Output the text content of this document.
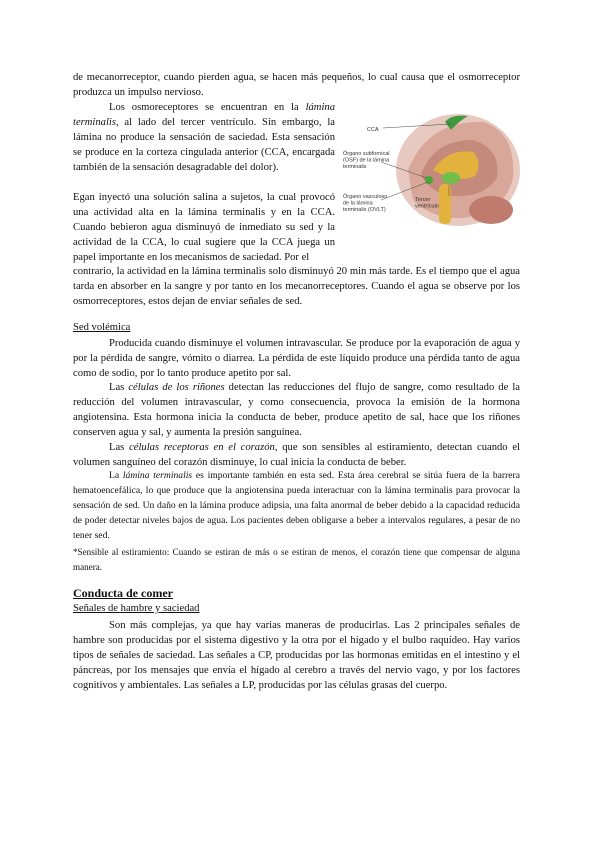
de mecanorreceptor, cuando pierden agua, se hacen más pequeños, lo cual causa que el osmorreceptor produzca un impulso nervioso.

Los osmoreceptores se encuentran en la lámina terminalis, al lado del tercer ventrículo. Sin embargo, la lámina no produce la sensación de saciedad. Esta sensación se produce en la corteza cingulada anterior (CCA, encargada también de la sensación desagradable del dolor).

Egan inyectó una solución salina a sujetos, la cual provocó una actividad alta en la lámina terminalis y en la CCA. Cuando bebieron agua disminuyó de inmediato su sed y la actividad de la CCA, lo cual sugiere que la CCA juega un papel importante en los mecanismos de saciedad. Por el

contrario, la actividad en la lámina terminalis solo disminuyó 20 min más tarde. Es el tiempo que el agua tarda en absorber en la sangre y por tanto en los mecanorreceptores. Cuando el agua se observe por los osmorreceptores, estos dejan de enviar señales de sed.

CCA
Órgano subfornical (OSF) de la lámina terminalis
Órgano vasculoso de la lámina terminalis (OVLT)
Tercer ventrículo
Sed volémica

Producida cuando disminuye el volumen intravascular. Se produce por la evaporación de agua y por la pérdida de sangre, vómito o diarrea. La pérdida de este líquido produce una pérdida tanto de agua como de sodio, por lo tanto produce apetito por sal.

Las células de los riñones detectan las reducciones del flujo de sangre, como resultado de la reducción del volumen intravascular, y como consecuencia, provoca la emisión de la hormona angiotensina. Esta hormona inicia la conducta de beber, produce apetito de sal, hace que los riñones conserven agua y sal, y aumenta la presión sanguínea.

Las células receptoras en el corazón, que son sensibles al estiramiento, detectan cuando el volumen sanguíneo del corazón disminuye, lo cual inicia la conducta de beber.

La lámina terminalis es importante también en esta sed. Esta área cerebral se sitúa fuera de la barrera hematoencefálica, lo que produce que la angiotensina pueda interactuar con la lámina terminalis para provocar la sensación de sed. Un daño en la lámina produce adipsia, una falta anormal de beber debido a la capacidad reducida de poder detectar niveles bajos de agua. Los pacientes deben obligarse a beber a intervalos regulares, a pesar de no tener sed.

*Sensible al estiramiento: Cuando se estiran de más o se estiran de menos, el corazón tiene que compensar de alguna manera.

Conducta de comer
Señales de hambre y saciedad

Son más complejas, ya que hay varias maneras de producirlas. Las 2 principales señales de hambre son producidas por el sistema digestivo y la otra por el hígado y el bulbo raquídeo. Hay varios tipos de señales de saciedad. Las señales a CP, producidas por las hormonas emitidas en el intestino y el páncreas, por los mensajes que envía el hígado al cerebro a través del nervio vago, y por los factores cognitivos y ambientales. Las señales a LP, producidas por las células grasas del cuerpo.
